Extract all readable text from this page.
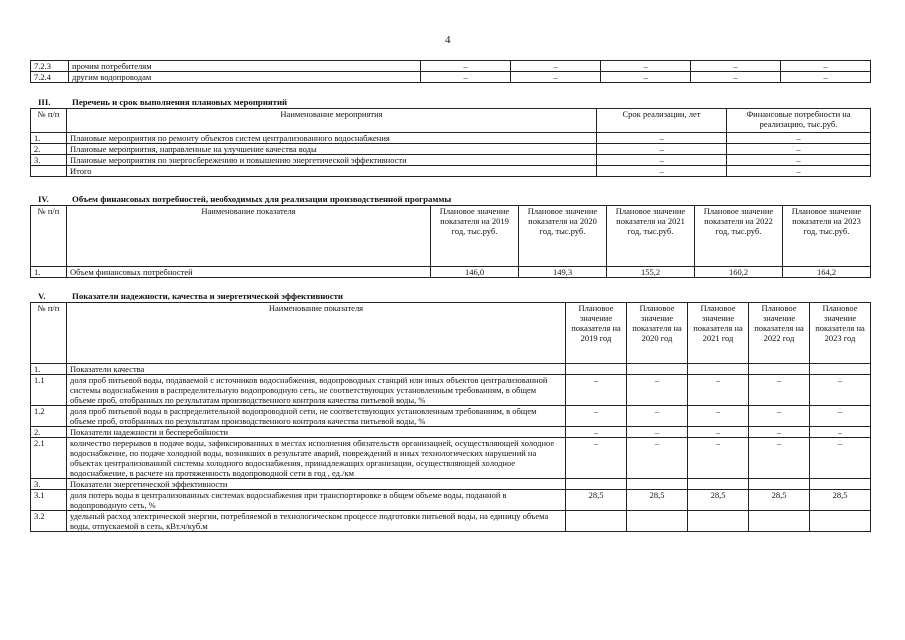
4
7.2.3	прочим потребителям	–	–	–	–	–
7.2.4	другим водопроводам	–	–	–	–	–
III. Перечень и срок выполнения плановых мероприятий
№ п/п	Наименование мероприятия	Срок реализации, лет	Финансовые потребности на реализацию, тыс.руб.
1.	Плановые мероприятия по ремонту объектов систем централизованного водоснабжения	–	–
2.	Плановые мероприятия, направленные на улучшение качества воды	–	–
3.	Плановые мероприятия по энергосбережению и повышению энергетической эффективности	–	–
	Итого	–	–
IV.	Объем финансовых потребностей, необходимых для реализации производственной программы
№ п/п	Наименование показателя	Плановое значение показателя на 2019 год, тыс.руб.	Плановое значение показателя на 2020 год, тыс.руб.	Плановое значение показателя на 2021 год, тыс.руб.	Плановое значение показателя на 2022 год, тыс.руб.	Плановое значение показателя на 2023 год, тыс.руб.
1.	Объем финансовых потребностей	146,0	149,3	155,2	160,2	164,2
V.	Показатели надежности, качества и энергетической эффективности
№ п/п	Наименование показателя	Плановое значение показателя на 2019 год	Плановое значение показателя на 2020 год	Плановое значение показателя на 2021 год	Плановое значение показателя на 2022 год	Плановое значение показателя на 2023 год
1.	Показатели качества					
1.1	доля проб питьевой воды, подаваемой с источников водоснабжения, водопроводных станций или иных объектов централизованной системы водоснабжения в распределительную водопроводную сеть, не соответствующих установленным требованиям, в общем объеме проб, отобранных по результатам производственного контроля качества питьевой воды, %	–	–	–	–	–
1.2	доля проб питьевой воды в распределительной водопроводной сети, не соответствующих установленным требованиям, в общем объеме проб, отобранных по результатам производственного контроля качества питьевой воды, %	–	–	–	–	–
2.	Показатели надежности и бесперебойности	–	–	–	–	–
2.1	количество перерывов в подаче воды, зафиксированных в местах исполнения обязательств организацией, осуществляющей холодное водоснабжение, по подаче холодной воды, возникших в результате аварий, повреждений и иных технологических нарушений на объектах централизованной системы холодного водоснабжения, принадлежащих организации, осуществляющей холодное водоснабжение, в расчете на протяженность водопроводной сети в год , ед./км	–	–	–	–	–
3.	Показатели энергетической эффективности					
3.1	доля потерь воды в централизованных системах водоснабжения при транспортировке в общем объеме воды, поданной в водопроводную сеть, %	28,5	28,5	28,5	28,5	28,5
3.2	удельный расход электрической энергии, потребляемой в технологическом процессе подготовки питьевой воды, на единицу объема воды, отпускаемой в сеть, кВт.ч/куб.м					
